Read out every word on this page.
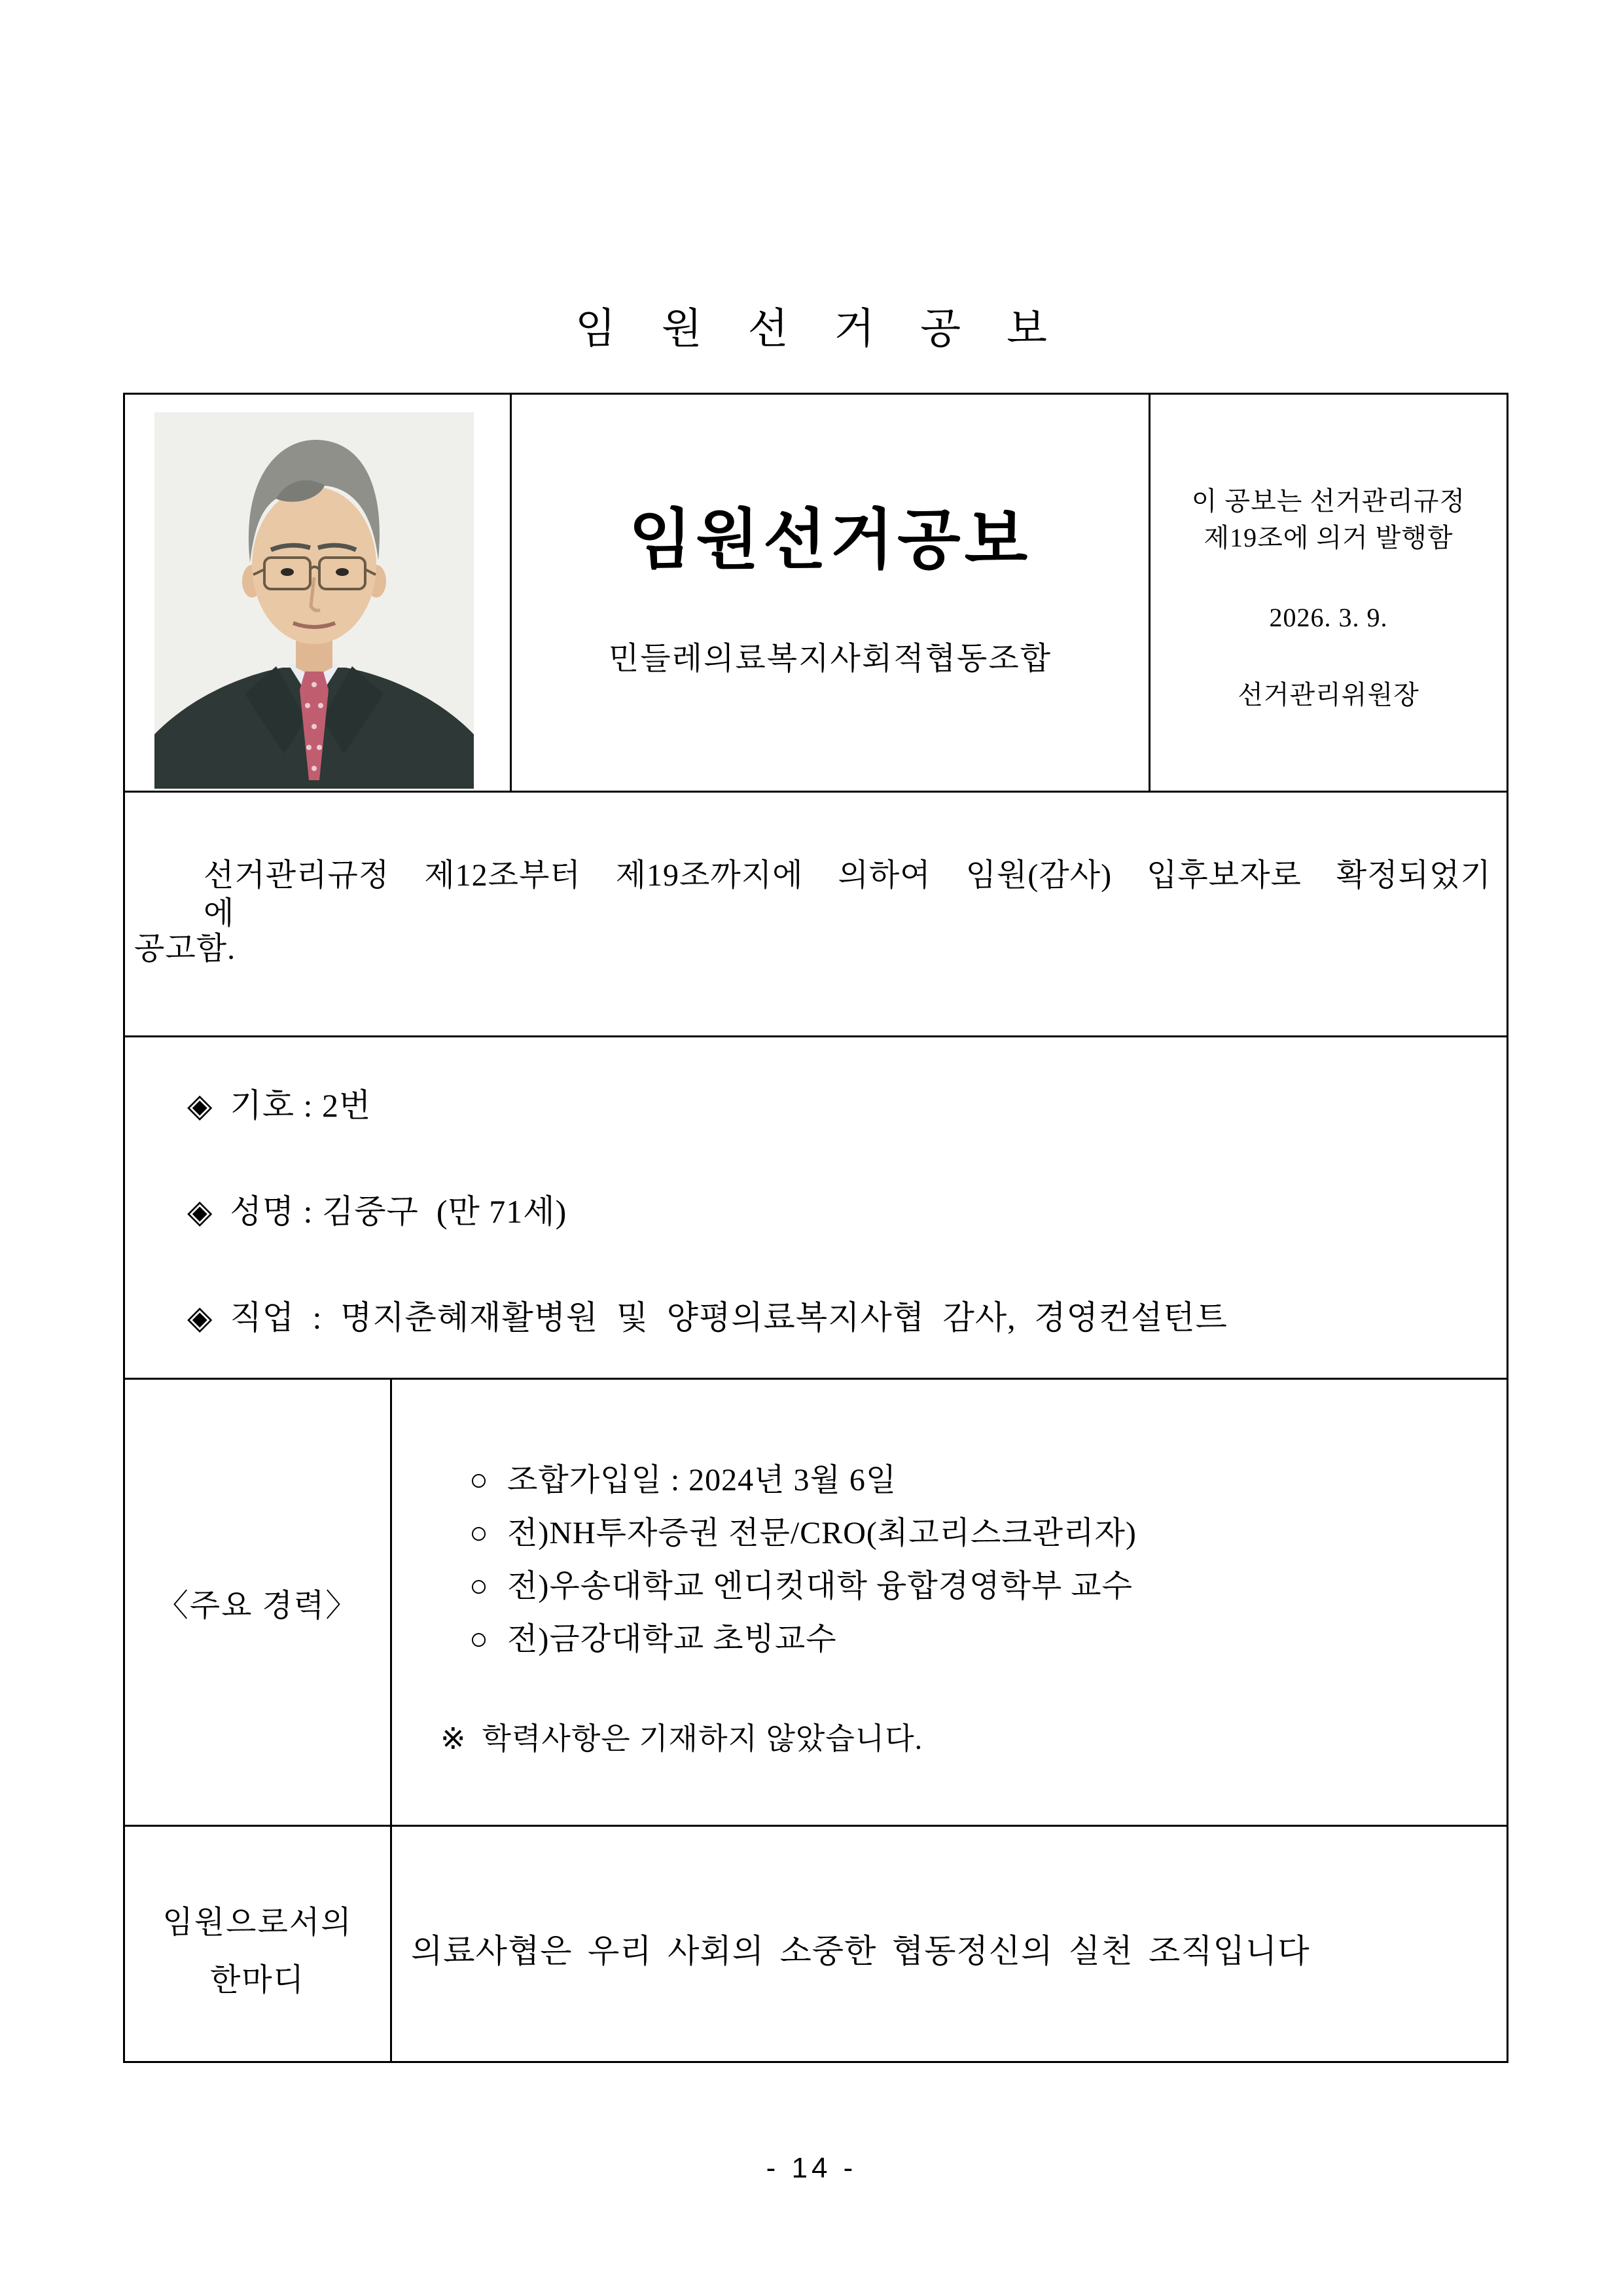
임 원 선 거 공 보
임원선거공보
민들레의료복지사회적협동조합
이 공보는 선거관리규정
제19조에 의거 발행함
2026. 3. 9.
선거관리위원장
선거관리규정 제12조부터 제19조까지에 의하여 임원(감사) 입후보자로 확정되었기에
공고함.
◈ 기호 : 2번
◈ 성명 : 김중구  (만 71세)
◈ 직업 : 명지춘혜재활병원 및 양평의료복지사협 감사, 경영컨설턴트
〈주요 경력〉
○ 조합가입일 : 2024년 3월 6일
○ 전)NH투자증권 전문/CRO(최고리스크관리자)
○ 전)우송대학교 엔디컷대학 융합경영학부 교수
○ 전)금강대학교 초빙교수
※ 학력사항은 기재하지 않았습니다.
임원으로서의
한마디
의료사협은 우리 사회의 소중한 협동정신의 실천 조직입니다
- 14 -
